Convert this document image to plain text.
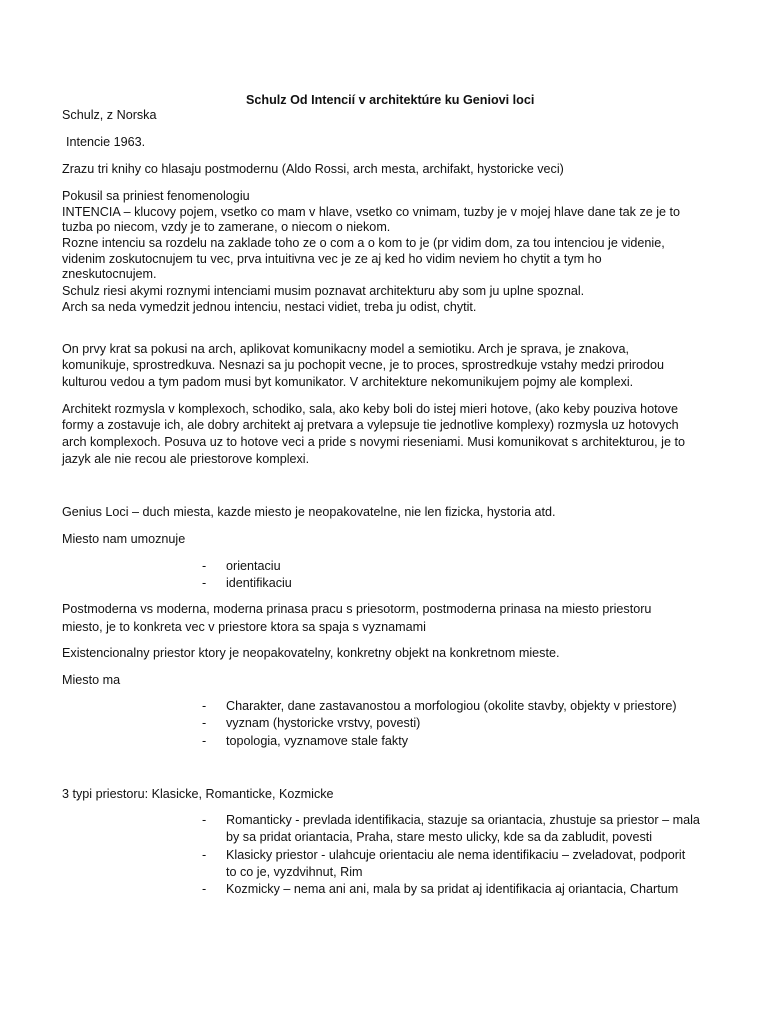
Schulz Od Intencií v architektúre ku Geniovi loci

Schulz, z Norska

Intencie 1963.

Zrazu tri knihy co hlasaju postmodernu (Aldo Rossi, arch mesta, archifakt, hystoricke veci)

Pokusil sa priniest fenomenologiu

INTENCIA – klucovy pojem, vsetko co mam v hlave, vsetko co vnimam, tuzby je v mojej hlave dane tak ze je to

tuzba po niecom, vzdy je to zamerane, o niecom o niekom.

Rozne intenciu sa rozdelu na zaklade toho ze o com a o kom to je (pr vidim dom, za tou intenciou je videnie,

videnim zoskutocnujem tu vec, prva intuitivna vec je ze aj ked ho vidim neviem ho chytit a tym ho

zneskutocnujem.

Schulz riesi akymi roznymi intenciami musim poznavat architekturu aby som ju uplne spoznal.

Arch sa neda vymedzit jednou intenciu, nestaci vidiet, treba ju odist, chytit.

On prvy krat sa pokusi na arch, aplikovat komunikacny model a semiotiku. Arch je sprava, je znakova,

komunikuje, sprostredkuva. Nesnazi sa ju pochopit vecne, je to proces, sprostredkuje vstahy medzi prirodou

kulturou vedou a tym padom musi byt komunikator. V architekture nekomunikujem pojmy ale komplexi.

Architekt rozmysla v komplexoch, schodiko, sala, ako keby boli do istej mieri hotove, (ako keby pouziva hotove

formy a zostavuje ich, ale dobry architekt aj pretvara a vylepsuje tie jednotlive komplexy) rozmysla uz hotovych

arch komplexoch. Posuva uz to hotove veci a pride s novymi rieseniami. Musi komunikovat s architekturou, je to

jazyk ale nie recou ale priestorove komplexi.

Genius Loci – duch miesta, kazde miesto je neopakovatelne, nie len fizicka, hystoria atd.

Miesto nam umoznuje

- orientaciu

- identifikaciu

Postmoderna vs moderna, moderna prinasa pracu s priesotorm, postmoderna prinasa na miesto priestoru

miesto, je to konkreta vec v priestore ktora sa spaja s vyznamami

Existencionalny priestor ktory je neopakovatelny, konkretny objekt na konkretnom mieste.

Miesto ma

- Charakter, dane zastavanostou a morfologiou (okolite stavby, objekty v priestore)

- vyznam (hystoricke vrstvy, povesti)

- topologia, vyznamove stale fakty

3 typi priestoru: Klasicke, Romanticke, Kozmicke

- Romanticky - prevlada identifikacia, stazuje sa oriantacia, zhustuje sa priestor – mala

by sa pridat oriantacia, Praha, stare mesto ulicky, kde sa da zabludit, povesti

- Klasicky priestor - ulahcuje orientaciu ale nema identifikaciu – zveladovat, podporit

to co je, vyzdvihnut, Rim

- Kozmicky – nema ani ani, mala by sa pridat aj identifikacia aj oriantacia, Chartum
